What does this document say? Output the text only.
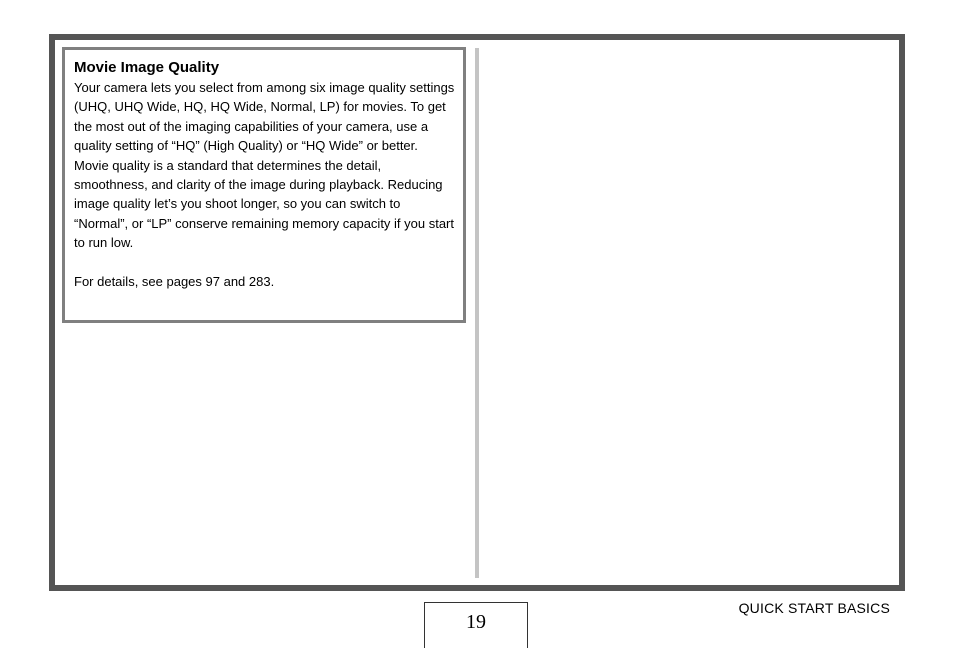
Movie Image Quality

Your camera lets you select from among six image quality settings (UHQ, UHQ Wide, HQ, HQ Wide, Normal, LP) for movies. To get the most out of the imaging capabilities of your camera, use a quality setting of “HQ” (High Quality) or “HQ Wide” or better.

Movie quality is a standard that determines the detail, smoothness, and clarity of the image during playback. Reducing image quality let’s you shoot longer, so you can switch to “Normal”, or “LP” conserve remaining memory capacity if you start to run low.

For details, see pages 97 and 283.

19
QUICK START BASICS
